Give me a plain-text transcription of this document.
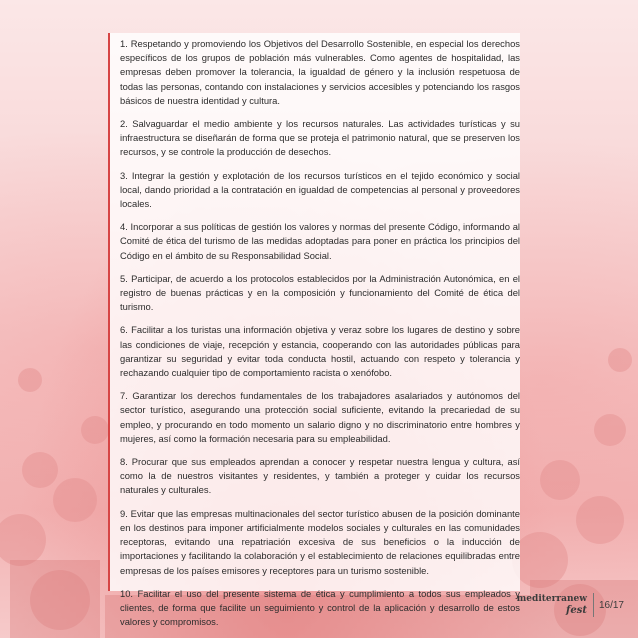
1. Respetando y promoviendo los Objetivos del Desarrollo Sostenible, en especial los derechos específicos de los grupos de población más vulnerables. Como agentes de hospitalidad, las empresas deben promover la tolerancia, la igualdad de género y la inclusión respetuosa de todas las personas, contando con instalaciones y servicios accesibles y potenciando los rasgos básicos de nuestra identidad y cultura.

2. Salvaguardar el medio ambiente y los recursos naturales. Las actividades turísticas y su infraestructura se diseñarán de forma que se proteja el patrimonio natural, que se preserven los recursos, y se controle la producción de desechos.

3. Integrar la gestión y explotación de los recursos turísticos en el tejido económico y social local, dando prioridad a la contratación en igualdad de competencias al personal y proveedores locales.

4. Incorporar a sus políticas de gestión los valores y normas del presente Código, informando al Comité de ética del turismo de las medidas adoptadas para poner en práctica los principios del Código en el ámbito de su Responsabilidad Social.

5. Participar, de acuerdo a los protocolos establecidos por la Administración Autonómica, en el registro de buenas prácticas y en la composición y funcionamiento del Comité de ética del turismo.

6. Facilitar a los turistas una información objetiva y veraz sobre los lugares de destino y sobre las condiciones de viaje, recepción y estancia, cooperando con las autoridades públicas para garantizar su seguridad y evitar toda conducta hostil, actuando con respeto y tolerancia y rechazando cualquier tipo de comportamiento racista o xenófobo.

7. Garantizar los derechos fundamentales de los trabajadores asalariados y autónomos del sector turístico, asegurando una protección social suficiente, evitando la precariedad de su empleo, y procurando en todo momento un salario digno y no discriminatorio entre hombres y mujeres, así como la formación necesaria para su empleabilidad.

8. Procurar que sus empleados aprendan a conocer y respetar nuestra lengua y cultura, así como la de nuestros visitantes y residentes, y también a proteger y cuidar los recursos naturales y culturales.

9. Evitar que las empresas multinacionales del sector turístico abusen de la posición dominante en los destinos para imponer artificialmente modelos sociales y culturales en las comunidades receptoras, evitando una repatriación excesiva de sus beneficios o la inducción de importaciones y facilitando la colaboración y el establecimiento de relaciones equilibradas entre empresas de los países emisores y receptores para un turismo sostenible.

10. Facilitar el uso del presente sistema de ética y cumplimiento a todos sus empleados y clientes, de forma que facilite un seguimiento y control de la aplicación y desarrollo de estos valores y compromisos.

mediterranew
fest	16/17
